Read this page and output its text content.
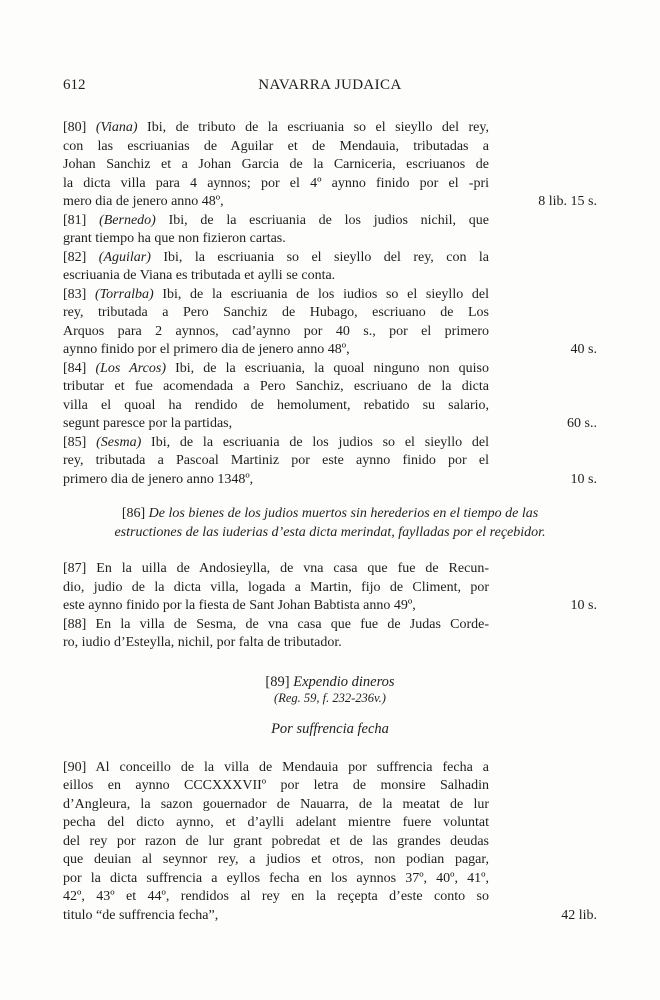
612	NAVARRA JUDAICA
[80] (Viana) Ibi, de tributo de la escriuania so el sieyllo del rey,
con las escriuanias de Aguilar et de Mendauia, tributadas a
Johan Sanchiz et a Johan Garcia de la Carniceria, escriuanos de
la dicta villa para 4 aynnos; por el 4º aynno finido por el -pri
mero dia de jenero anno 48º,	8 lib. 15 s.
[81] (Bernedo) Ibi, de la escriuania de los judios nichil, que
grant tiempo ha que non fizieron cartas.
[82] (Aguilar) Ibi, la escriuania so el sieyllo del rey, con la
escriuania de Viana es tributada et aylli se conta.
[83] (Torralba) Ibi, de la escriuania de los iudios so el sieyllo del
rey, tributada a Pero Sanchiz de Hubago, escriuano de Los
Arquos para 2 aynnos, cad’aynno por 40 s., por el primero
aynno finido por el primero dia de jenero anno 48º,	40 s.
[84] (Los Arcos) Ibi, de la escriuania, la quoal ninguno non quiso
tributar et fue acomendada a Pero Sanchiz, escriuano de la dicta
villa el quoal ha rendido de hemolument, rebatido su salario,
segunt paresce por la partidas,	60 s..
[85] (Sesma) Ibi, de la escriuania de los judios so el sieyllo del
rey, tributada a Pascoal Martiniz por este aynno finido por el
primero dia de jenero anno 1348º,	10 s.
[86] De los bienes de los judios muertos sin herederios en el tiempo de las
estructiones de las iuderias d’esta dicta merindat, faylladas por el reçebidor.
[87] En la uilla de Andosieylla, de vna casa que fue de Recun-
dio, judio de la dicta villa, logada a Martin, fijo de Climent, por
este aynno finido por la fiesta de Sant Johan Babtista anno 49º,	10 s.
[88] En la villa de Sesma, de vna casa que fue de Judas Corde-
ro, iudio d’Esteylla, nichil, por falta de tributador.
[89] Expendio dineros
(Reg. 59, f. 232-236v.)
Por suffrencia fecha
[90] Al conceillo de la villa de Mendauia por suffrencia fecha a
eillos en aynno CCCXXXVIIº por letra de monsire Salhadin
d’Angleura, la sazon gouernador de Nauarra, de la meatat de lur
pecha del dicto aynno, et d’aylli adelant mientre fuere voluntat
del rey por razon de lur grant pobredat et de las grandes deudas
que deuian al seynnor rey, a judios et otros, non podian pagar,
por la dicta suffrencia a eyllos fecha en los aynnos 37º, 40º, 41º,
42º, 43º et 44º, rendidos al rey en la reçepta d’este conto so
titulo “de suffrencia fecha”,	42 lib.
